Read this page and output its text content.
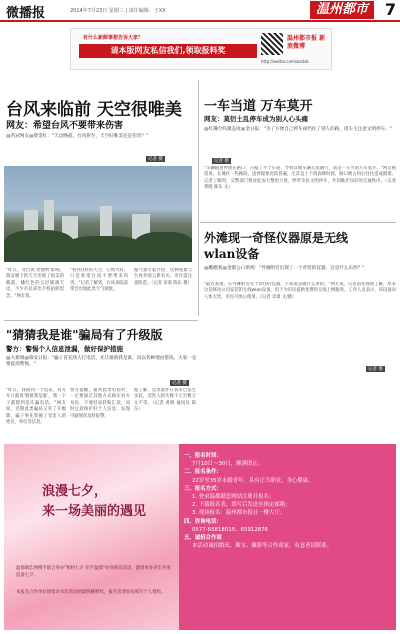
微播报	2014年7月23日 星期三 | 责任编辑：王XX	温州都市	7
有什么新鲜事想告诉大家？
请本版网友私信我们,领取报料奖
温州都市报 新浪微博
http://weibo.com/wzdsb
台风来临前 天空很唯美
网友：希望台风不要带来伤害
@芮冠网友@柴金红："天边晚霞，台风将至，天空好唯美还是伤害？"
记者 摄
"昨日，受台风'麦德姆'影响，瑞安塘下的天空出现了很美的晚霞，橘红色的云层铺满天边，不少市民拿出手机拍照留念。"网友说。
"看到这样的天空，心情大好，只是希望台风不要带来伤害。"记者了解到，台风来临前常会出现此类天气现象。
据气象专家介绍，这种现象与台风外围云系有关，市民需注意防范。（记者 章菊 陈东 摄）
一车当道 万车莫开
网友：莫衍土乱停车成为别人心头痛
@红瀚兮吗微态度@金日报："为了方便自己停车却挡住了别人的路，请车主注意文明停车。"
记者 摄
"车辆随意停放在路口，占据了半个车道，导致其他车辆无法通行，真是一车当道万车莫开。"网友抱怨说，在城区一些路段，违停现象比较普遍，尤其是上下班高峰时段，路口被占用后往往造成拥堵。记者了解到，交警部门将对此加大整治力度，呼吁市民文明停车，共同维护良好的交通秩序。（记者 黄晓 陈东 文）
外滩现一奇怪仪器原是无线wlan设备
@瞧瞧我@金都公口新闻："外滩附近出现了一个奇怪的仪器，这是什么东西？"
"最近发现，在外滩附近有个奇怪的仪器，不知道是做什么用的。"网友说。记者前往现场了解，原来这是移动公司安装的无线wlan设备，用于为市民提供免费的无线上网服务。工作人员表示，该设备对人体无害，市民可放心使用。（记者 章萧 文/摄）
记者 摄
"猜猜我是谁"骗局有了升级版
警方：警惕个人信息泄漏，做好保护措施
@大新闻@瑞安日报："骗子冒充熟人打电话，先让猜猜我是谁，再以各种理由借钱，大家一定要提高警惕。"
记者 摄
"昨日，我接到一个电话，对方开口就说'猜猜我是谁'，我一下子就想到是诈骗电话。"网友说，近期此类骗局又有了升级版，骗子事先掌握了受害人的姓名、单位等信息。
警方提醒，接到此类电话时，一定要通过其他方式核实对方身份，不要轻易转账汇款，同时注意保护好个人信息，发现可疑情况及时报警。
据了解，这类案件在我市已发生多起，受害人损失数千元至数万元不等。（记者 黄晓 通讯员 陈东）
浪漫七夕，
来一场美丽的遇见
温都婚恋网携手联合举办"相约七夕 牵手温都"单身联谊活动，邀请单身青年共度浪漫七夕。
本报及合作单位保留对本次活动的最终解释权，报名者请如实填写个人资料。
一、报名时间：
7月10日～30日，额满即止。
二、报名条件：
22岁至35岁未婚青年，具有正当职业，身心健康。
三、报名方式：
1. 登录温都婚恋网站注册并报名；
2. 下载报名表，填写后发送至指定邮箱；
3. 现场报名：温州都市报社一楼大厅。
四、咨询电话：
0577-65818015、65912876
五、诚招合作商
本活动诚招婚庆、珠宝、摄影等合作商家，有意者请联系。
